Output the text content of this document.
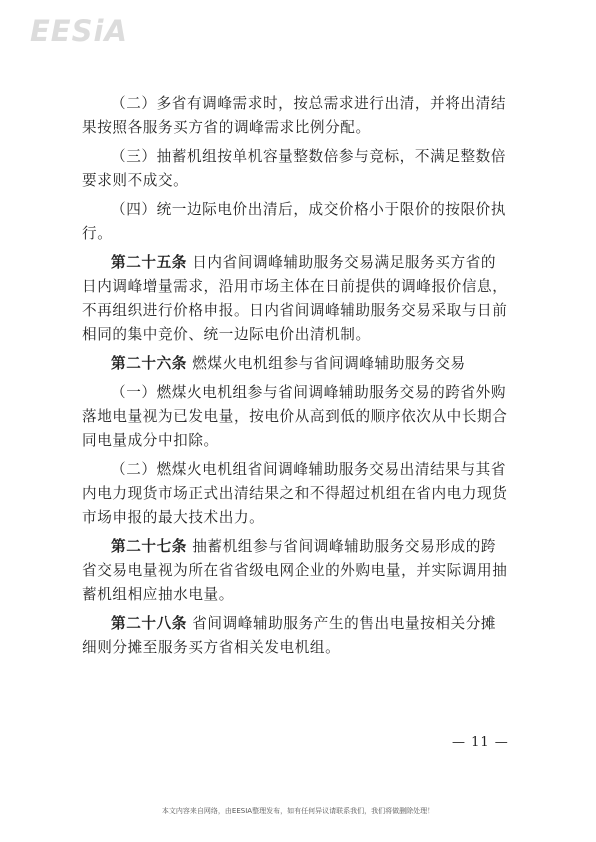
EESiA
（二）多省有调峰需求时，按总需求进行出清，并将出清结
果按照各服务买方省的调峰需求比例分配。
（三）抽蓄机组按单机容量整数倍参与竞标，不满足整数倍
要求则不成交。
（四）统一边际电价出清后，成交价格小于限价的按限价执
行。
第二十五条 日内省间调峰辅助服务交易满足服务买方省的
日内调峰增量需求，沿用市场主体在日前提供的调峰报价信息，
不再组织进行价格申报。日内省间调峰辅助服务交易采取与日前
相同的集中竞价、统一边际电价出清机制。
第二十六条 燃煤火电机组参与省间调峰辅助服务交易
（一）燃煤火电机组参与省间调峰辅助服务交易的跨省外购
落地电量视为已发电量，按电价从高到低的顺序依次从中长期合
同电量成分中扣除。
（二）燃煤火电机组省间调峰辅助服务交易出清结果与其省
内电力现货市场正式出清结果之和不得超过机组在省内电力现货
市场申报的最大技术出力。
第二十七条 抽蓄机组参与省间调峰辅助服务交易形成的跨
省交易电量视为所在省省级电网企业的外购电量，并实际调用抽
蓄机组相应抽水电量。
第二十八条 省间调峰辅助服务产生的售出电量按相关分摊
细则分摊至服务买方省相关发电机组。
— 11 —
本文内容来自网络，由EESIA整理发布，如有任何异议请联系我们，我们将做删除处理！
